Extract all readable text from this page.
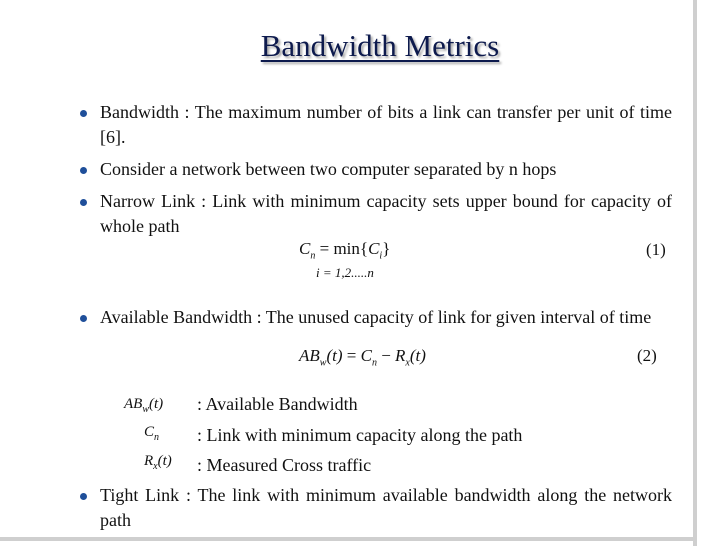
Bandwidth Metrics
Bandwidth : The maximum number of bits a link can transfer per unit of time [6].
Consider a network between two computer separated by n hops
Narrow Link : Link with minimum capacity sets upper bound for capacity of whole path
$C_n = \min\{C_i\}$
i = 1,2.....n
(1)
Available Bandwidth : The unused capacity of link for given interval of time
$AB_w(t) = C_n - R_x(t)$	(2)
$AB_w(t)$ : Available Bandwidth
$C_n$ : Link with minimum capacity along the path
$R_x(t)$ : Measured Cross traffic
Tight Link : The link with minimum available bandwidth along the network path
